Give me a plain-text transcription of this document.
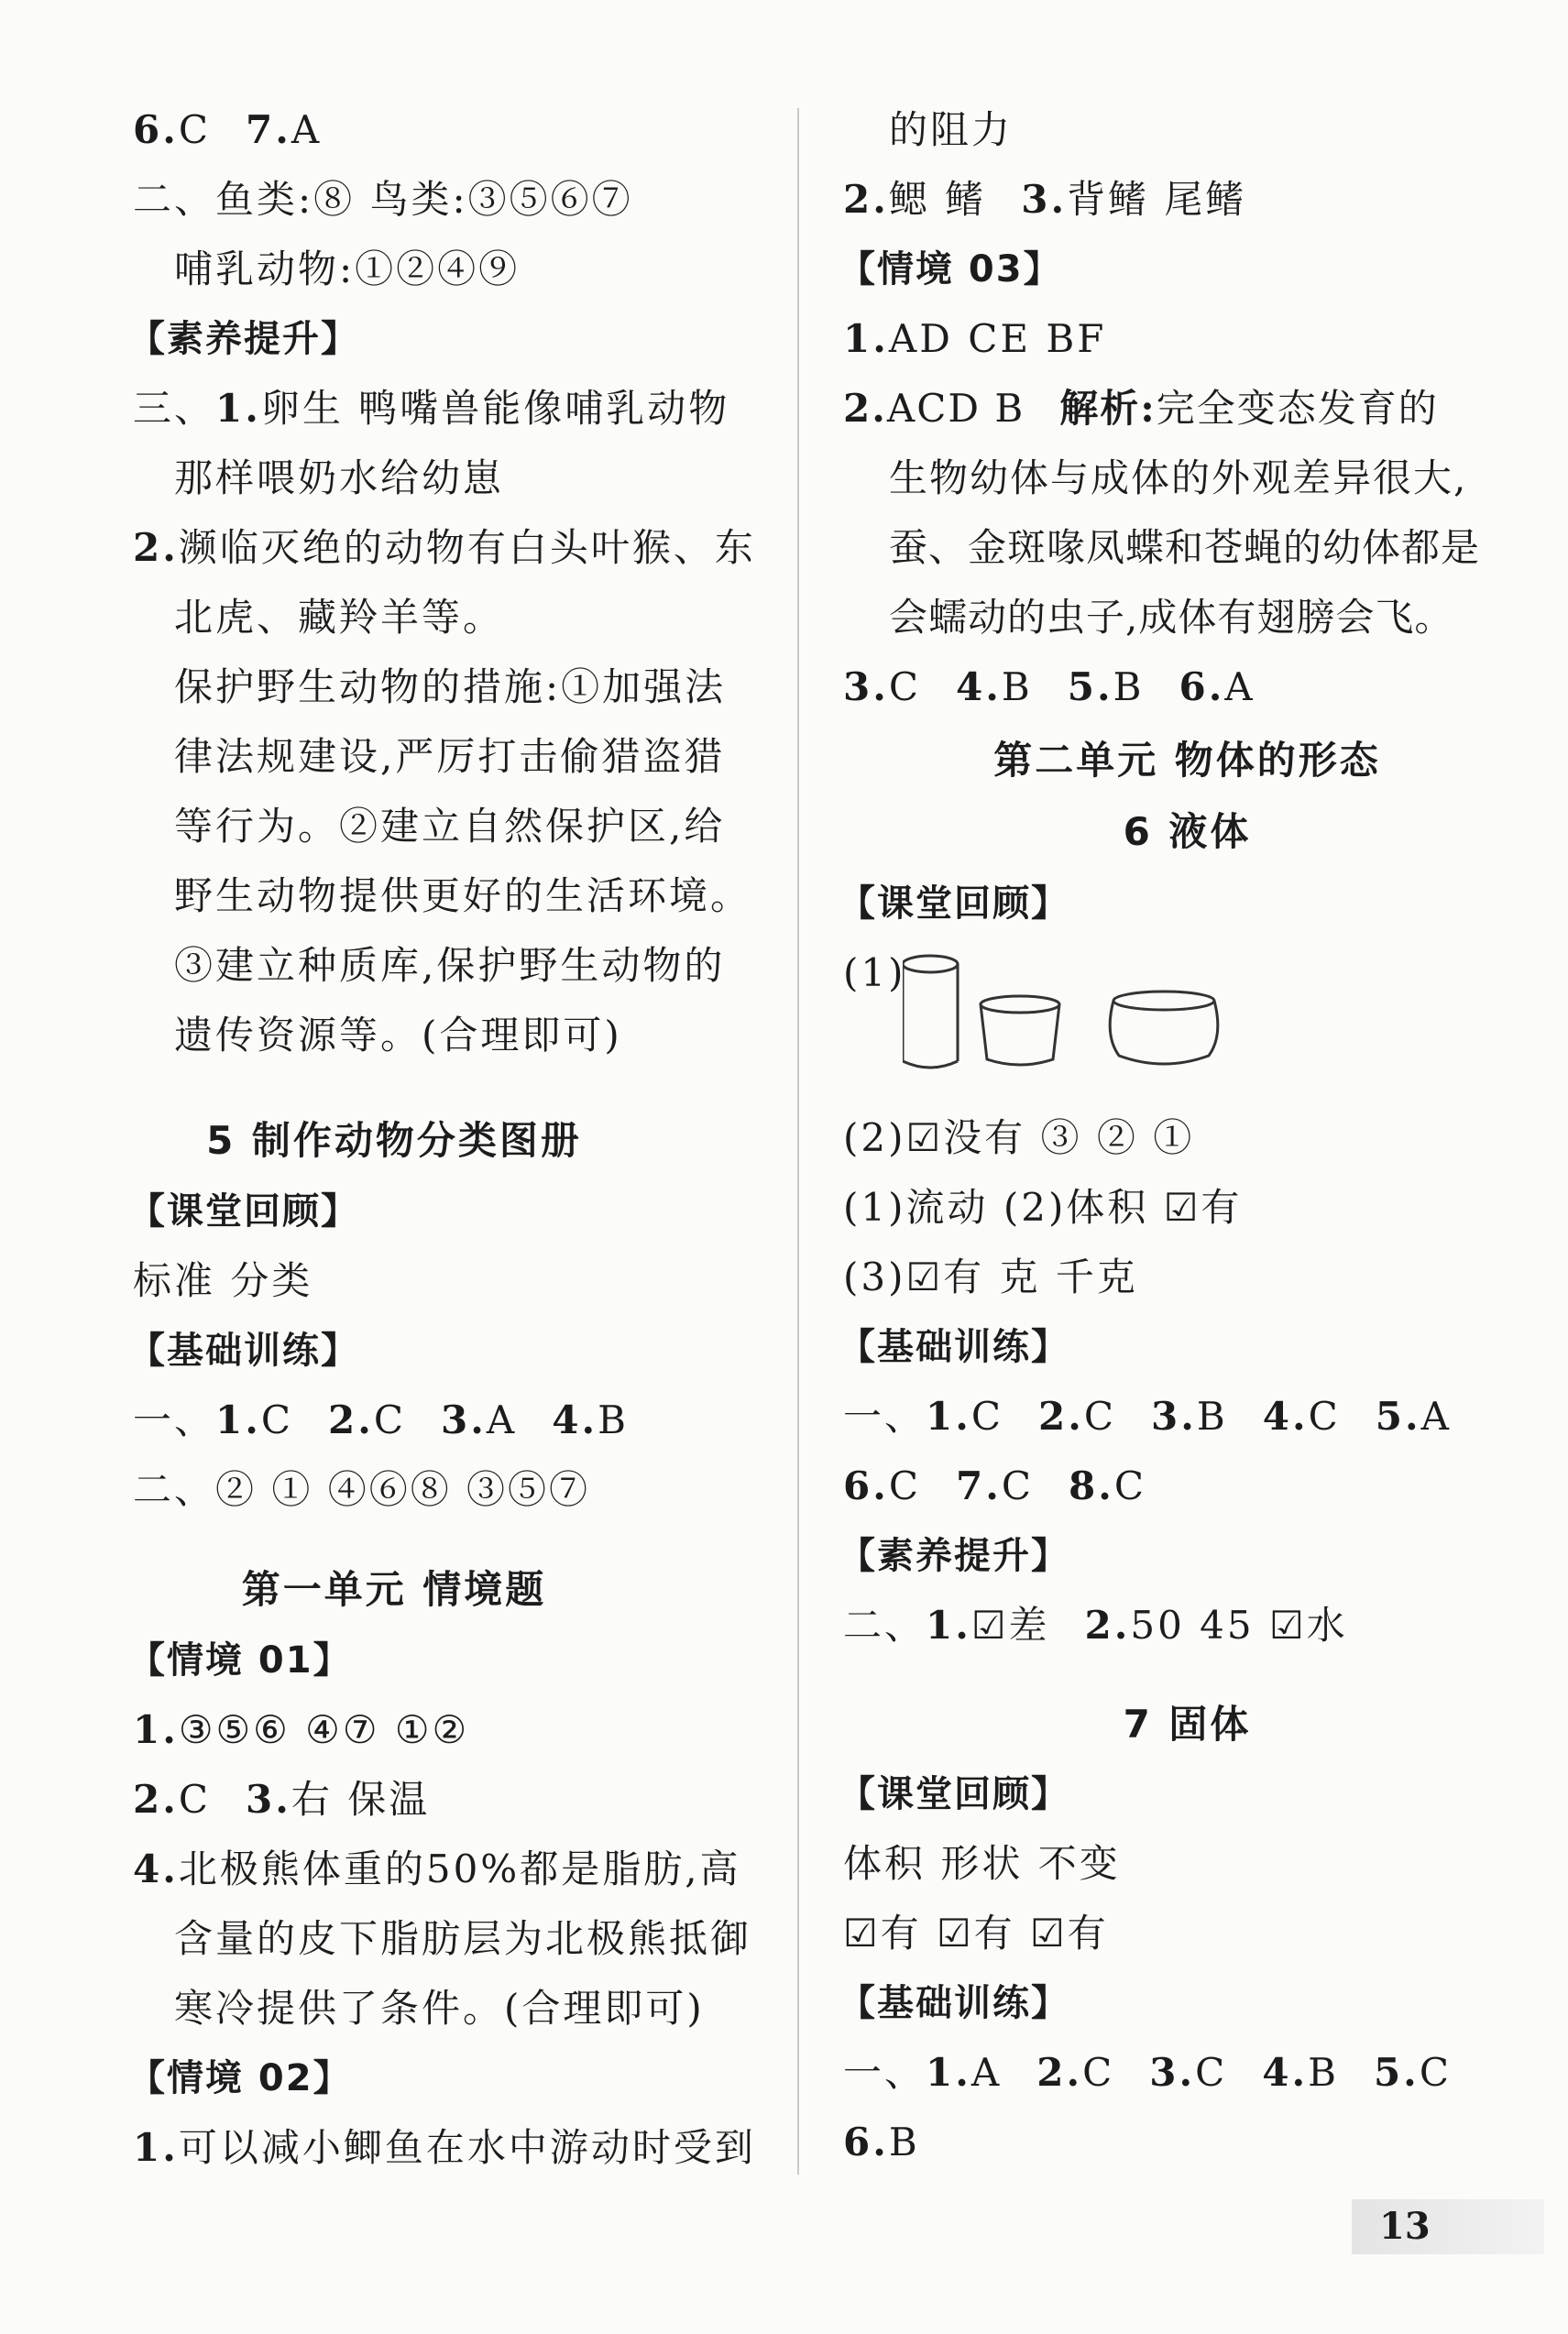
6.C 7.A
二、鱼类:⑧ 鸟类:③⑤⑥⑦
哺乳动物:①②④⑨
【素养提升】
三、1.卵生 鸭嘴兽能像哺乳动物
那样喂奶水给幼崽
2.濒临灭绝的动物有白头叶猴、东
北虎、藏羚羊等。
保护野生动物的措施:①加强法
律法规建设,严厉打击偷猎盗猎
等行为。②建立自然保护区,给
野生动物提供更好的生活环境。
③建立种质库,保护野生动物的
遗传资源等。(合理即可)
5 制作动物分类图册
【课堂回顾】
标准 分类
【基础训练】
一、1.C 2.C 3.A 4.B
二、② ① ④⑥⑧ ③⑤⑦
第一单元 情境题
【情境 01】
1.③⑤⑥ ④⑦ ①②
2.C 3.右 保温
4.北极熊体重的50%都是脂肪,高
含量的皮下脂肪层为北极熊抵御
寒冷提供了条件。(合理即可)
【情境 02】
1.可以减小鲫鱼在水中游动时受到
的阻力
2.鳃 鳍 3.背鳍 尾鳍
【情境 03】
1.AD CE BF
2.ACD B 解析:完全变态发育的
生物幼体与成体的外观差异很大,
蚕、金斑喙凤蝶和苍蝇的幼体都是
会蠕动的虫子,成体有翅膀会飞。
3.C 4.B 5.B 6.A
第二单元 物体的形态
6 液体
【课堂回顾】
(1)
(2)☑没有 ③ ② ①
(1)流动 (2)体积 ☑有
(3)☑有 克 千克
【基础训练】
一、1.C 2.C 3.B 4.C 5.A
6.C 7.C 8.C
【素养提升】
二、1.☑差 2.50 45 ☑水
7 固体
【课堂回顾】
体积 形状 不变
☑有 ☑有 ☑有
【基础训练】
一、1.A 2.C 3.C 4.B 5.C
6.B
13
